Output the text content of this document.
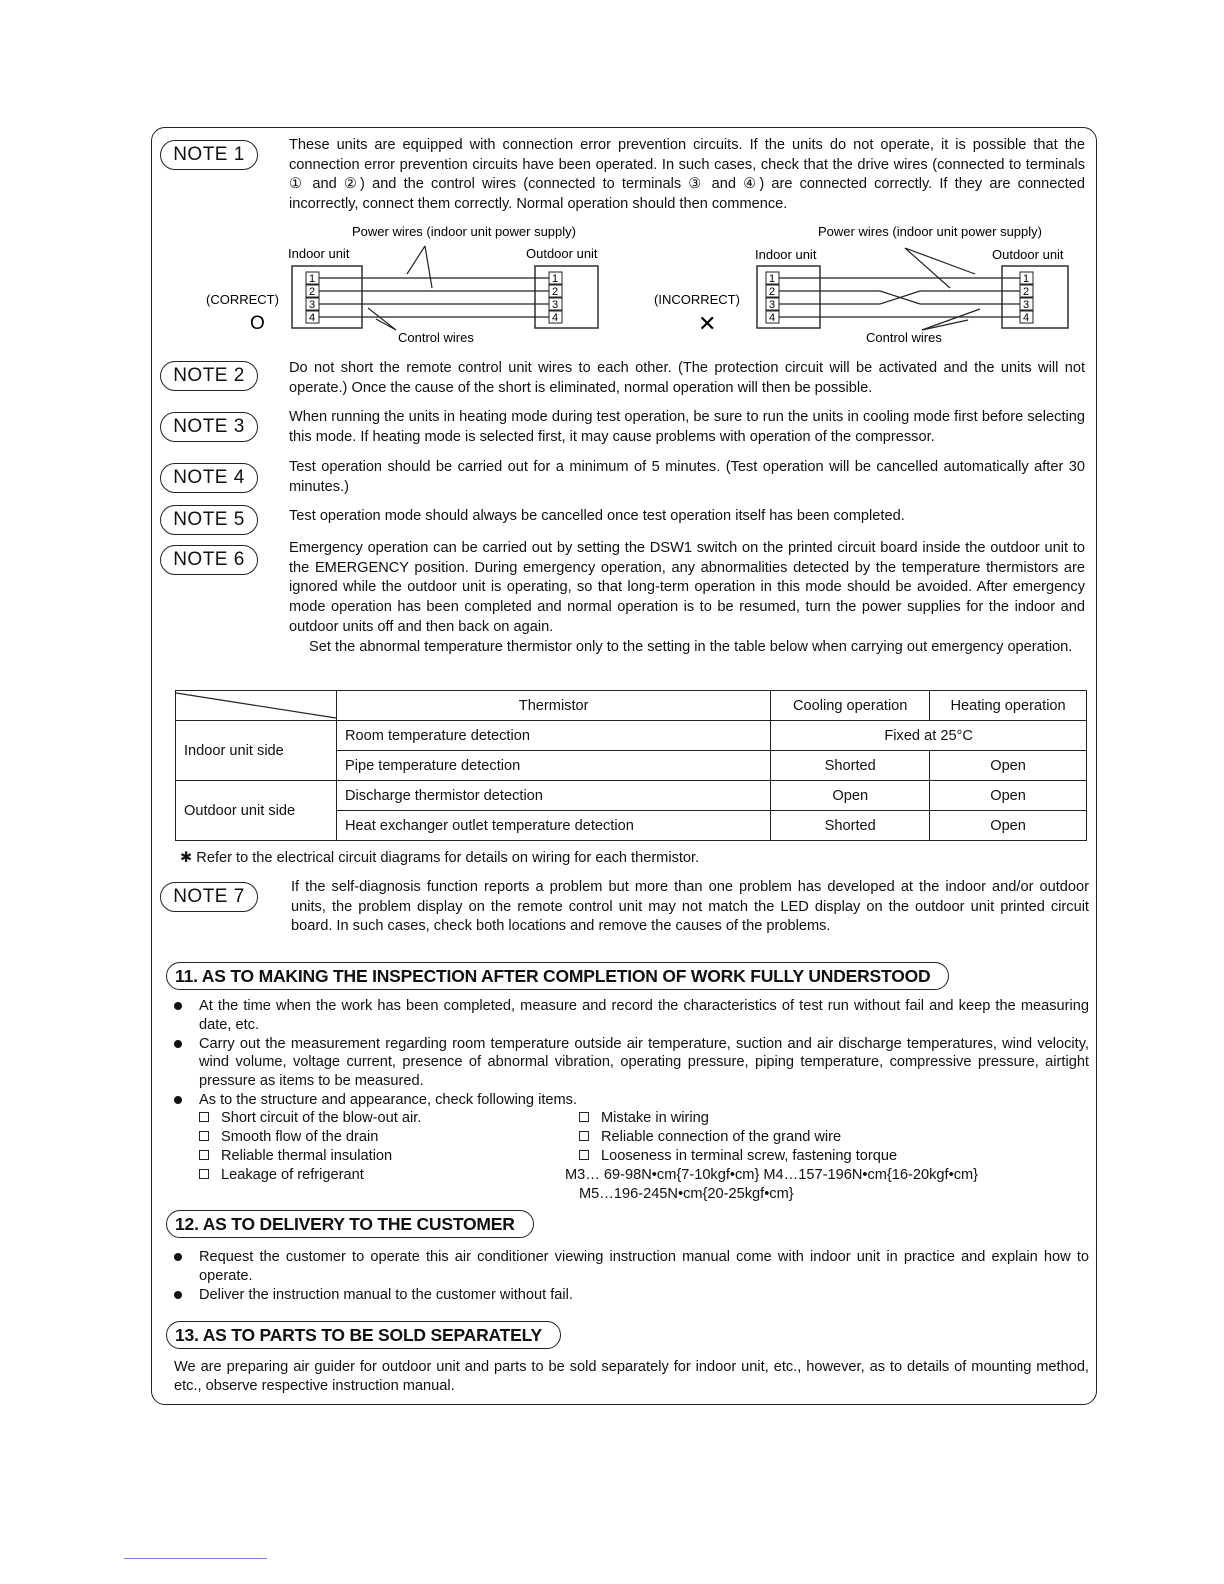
NOTE 1	These units are equipped with connection error prevention circuits. If the units do not operate, it is possible that the connection error prevention circuits have been operated. In such cases, check that the drive wires (connected to terminals ① and ②) and the control wires (connected to terminals ③ and ④) are connected correctly. If they are connected incorrectly, connect them correctly. Normal operation should then commence.

Power wires (indoor unit power supply)
Indoor unit	Outdoor unit
(CORRECT)
O
Control wires
1
2
3
4
1
2
3
4
Power wires (indoor unit power supply)
Indoor unit	Outdoor unit
(INCORRECT)
✕
Control wires
1
2
3
4
1
2
3
4
NOTE 2	Do not short the remote control unit wires to each other. (The protection circuit will be activated and the units will not operate.) Once the cause of the short is eliminated, normal operation will then be possible.

NOTE 3	When running the units in heating mode during test operation, be sure to run the units in cooling mode first before selecting this mode. If heating mode is selected first, it may cause problems with operation of the compressor.

NOTE 4	Test operation should be carried out for a minimum of 5 minutes. (Test operation will be cancelled automatically after 30 minutes.)

NOTE 5	Test operation mode should always be cancelled once test operation itself has been completed.

NOTE 6

Emergency operation can be carried out by setting the DSW1 switch on the printed circuit board inside the outdoor unit to the EMERGENCY position. During emergency operation, any abnormalities detected by the temperature thermistors are ignored while the outdoor unit is operating, so that long-term operation in this mode should be avoided. After emergency mode operation has been completed and normal operation is to be resumed, turn the power supplies for the indoor and outdoor units off and then back on again.

Set the abnormal temperature thermistor only to the setting in the table below when carrying out emergency operation.

	Thermistor	Cooling operation	Heating operation
Indoor unit side	Room temperature detection	Fixed at 25°C	
	Pipe temperature detection	Shorted	Open
Outdoor unit side	Discharge thermistor detection	Open	Open
	Heat exchanger outlet temperature detection	Shorted	Open
✱ Refer to the electrical circuit diagrams for details on wiring for each thermistor.
NOTE 7	If the self-diagnosis function reports a problem but more than one problem has developed at the indoor and/or outdoor units, the problem display on the remote control unit may not match the LED display on the outdoor unit printed circuit board. In such cases, check both locations and remove the causes of the problems.

11. AS TO MAKING THE INSPECTION AFTER COMPLETION OF WORK FULLY UNDERSTOOD
At the time when the work has been completed, measure and record the characteristics of test run without fail and keep the measuring date, etc.
Carry out the measurement regarding room temperature outside air temperature, suction and air discharge temperatures, wind velocity, wind volume, voltage current, presence of abnormal vibration, operating pressure, piping temperature, compressive pressure, airtight pressure as items to be measured.
As to the structure and appearance, check following items.
Short circuit of the blow-out air.
Smooth flow of the drain
Reliable thermal insulation
Leakage of refrigerant
Mistake in wiring
Reliable connection of the grand wire
Looseness in terminal screw, fastening torque
M3… 69-98N•cm{7-10kgf•cm} M4…157-196N•cm{16-20kgf•cm}
M5…196-245N•cm{20-25kgf•cm}
12. AS TO DELIVERY TO THE CUSTOMER
Request the customer to operate this air conditioner viewing instruction manual come with indoor unit in practice and explain how to operate.
Deliver the instruction manual to the customer without fail.
13. AS TO PARTS TO BE SOLD SEPARATELY
We are preparing air guider for outdoor unit and parts to be sold separately for indoor unit, etc., however, as to details of mounting method, etc., observe respective instruction manual.
